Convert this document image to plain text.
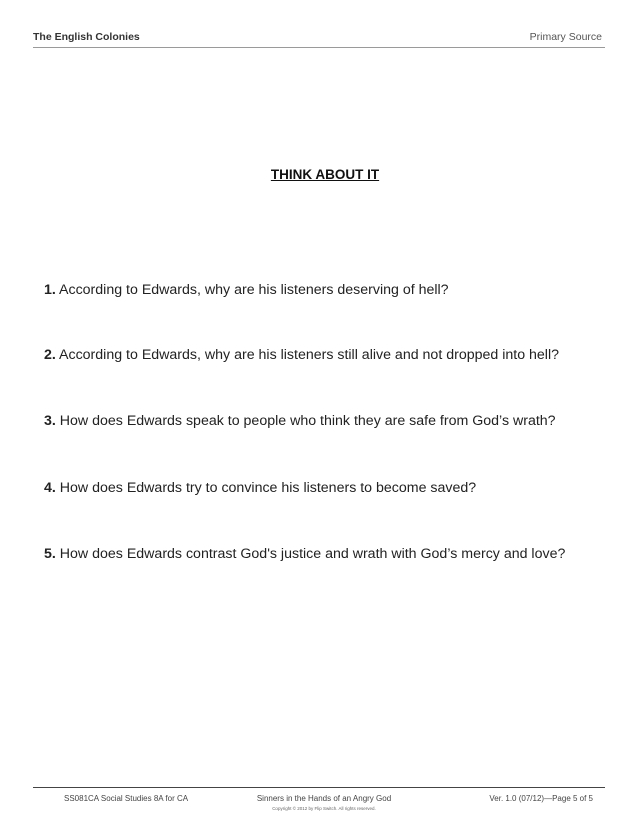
The English Colonies	Primary Source
THINK ABOUT IT
1. According to Edwards, why are his listeners deserving of hell?
2. According to Edwards, why are his listeners still alive and not dropped into hell?
3. How does Edwards speak to people who think they are safe from God’s wrath?
4. How does Edwards try to convince his listeners to become saved?
5. How does Edwards contrast God's justice and wrath with God’s mercy and love?
SS081CA Social Studies 8A for CA	Sinners in the Hands of an Angry God	Ver. 1.0 (07/12)—Page 5 of 5
Copyright © 2012 by Flip Switch. All rights reserved.
